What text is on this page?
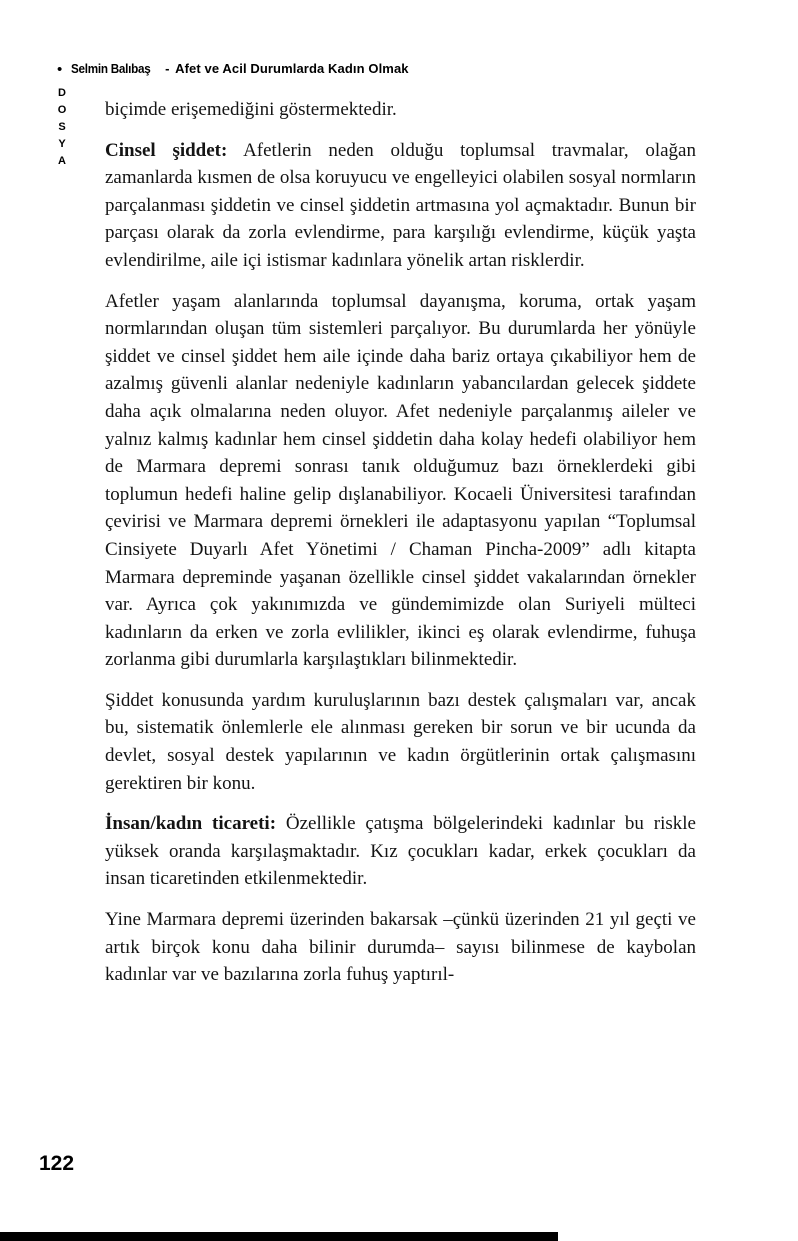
• Selmin Balıbaş - Afet ve Acil Durumlarda Kadın Olmak
DOSYA biçimde erişemediğini göstermektedir.

Cinsel şiddet: Afetlerin neden olduğu toplumsal travmalar, olağan zamanlarda kısmen de olsa koruyucu ve engelleyici olabilen sosyal normların parçalanması şiddetin ve cinsel şiddetin artmasına yol açmaktadır. Bunun bir parçası olarak da zorla evlendirme, para karşılığı evlendirme, küçük yaşta evlendirilme, aile içi istismar kadınlara yönelik artan risklerdir.

Afetler yaşam alanlarında toplumsal dayanışma, koruma, ortak yaşam normlarından oluşan tüm sistemleri parçalıyor. Bu durumlarda her yönüyle şiddet ve cinsel şiddet hem aile içinde daha bariz ortaya çıkabiliyor hem de azalmış güvenli alanlar nedeniyle kadınların yabancılardan gelecek şiddete daha açık olmalarına neden oluyor. Afet nedeniyle parçalanmış aileler ve yalnız kalmış kadınlar hem cinsel şiddetin daha kolay hedefi olabiliyor hem de Marmara depremi sonrası tanık olduğumuz bazı örneklerdeki gibi toplumun hedefi haline gelip dışlanabiliyor. Kocaeli Üniversitesi tarafından çevirisi ve Marmara depremi örnekleri ile adaptasyonu yapılan “Toplumsal Cinsiyete Duyarlı Afet Yönetimi / Chaman Pincha-2009” adlı kitapta Marmara depreminde yaşanan özellikle cinsel şiddet vakalarından örnekler var. Ayrıca çok yakınımızda ve gündemimizde olan Suriyeli mülteci kadınların da erken ve zorla evlilikler, ikinci eş olarak evlendirme, fuhuşa zorlanma gibi durumlarla karşılaştıkları bilinmektedir.

Şiddet konusunda yardım kuruluşlarının bazı destek çalışmaları var, ancak bu, sistematik önlemlerle ele alınması gereken bir sorun ve bir ucunda da devlet, sosyal destek yapılarının ve kadın örgütlerinin ortak çalışmasını gerektiren bir konu.

İnsan/kadın ticareti: Özellikle çatışma bölgelerindeki kadınlar bu riskle yüksek oranda karşılaşmaktadır. Kız çocukları kadar, erkek çocukları da insan ticaretinden etkilenmektedir.

Yine Marmara depremi üzerinden bakarsak –çünkü üzerinden 21 yıl geçti ve artık birçok konu daha bilinir durumda– sayısı bilinmese de kaybolan kadınlar var ve bazılarına zorla fuhuş yaptırıl-

122
